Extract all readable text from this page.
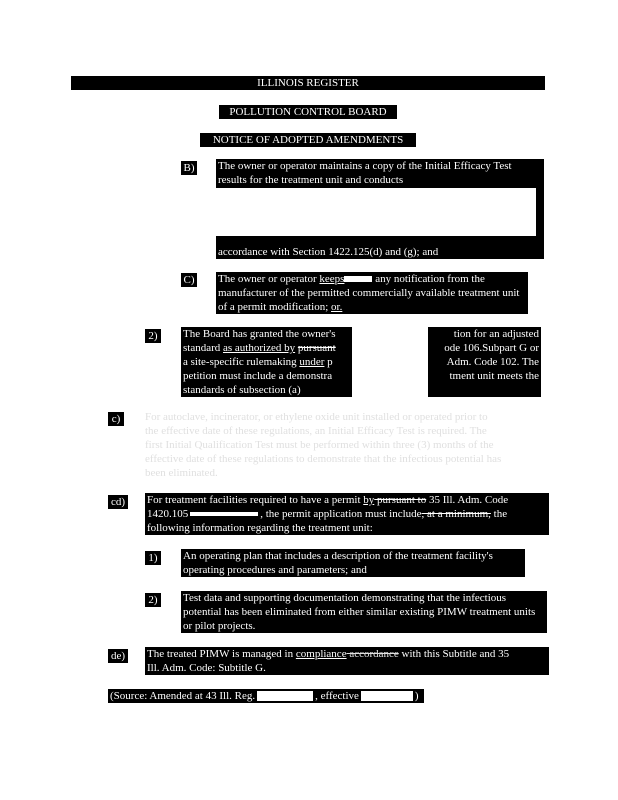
ILLINOIS REGISTER
POLLUTION CONTROL BOARD
NOTICE OF ADOPTED AMENDMENTS
B) The owner or operator maintains a copy of the Initial Efficacy Test
results for the treatment unit and conducts
accordance with Section 1422.125(d) and (g); and
C) The owner or operator keeps	any notification from the manufacturer of the permitted commercially available treatment unit of a permit modification; or.
2)	The Board has granted the owner's	tion for an adjusted
standard as authorized by pursuant	ode 106.Subpart G or
a site-specific rulemaking under p	Adm. Code 102. The
petition must include a demonstra	tment unit meets the
standards of subsection (a)
c)	For autoclave, incinerator, or ethylene oxide unit installed or operated prior to
the effective date of these regulations, an Initial Efficacy Test is required. The
first Initial Qualification Test must be performed within three (3) months of the
effective date of these regulations to demonstrate that the infectious potential has
been eliminated.
cd) For treatment facilities required to have a permit by pursuant to 35 Ill. Adm. Code
1420.105	, the permit application must include, at a minimum, the
following information regarding the treatment unit:
1)	An operating plan that includes a description of the treatment facility's operating procedures and parameters; and
2)	Test data and supporting documentation demonstrating that the infectious potential has been eliminated from either similar existing PIMW treatment units or pilot projects.
de) The treated PIMW is managed in compliance accordance with this Subtitle and 35
Ill. Adm. Code: Subtitle G.
(Source: Amended at 43 Ill. Reg.	, effective	)
